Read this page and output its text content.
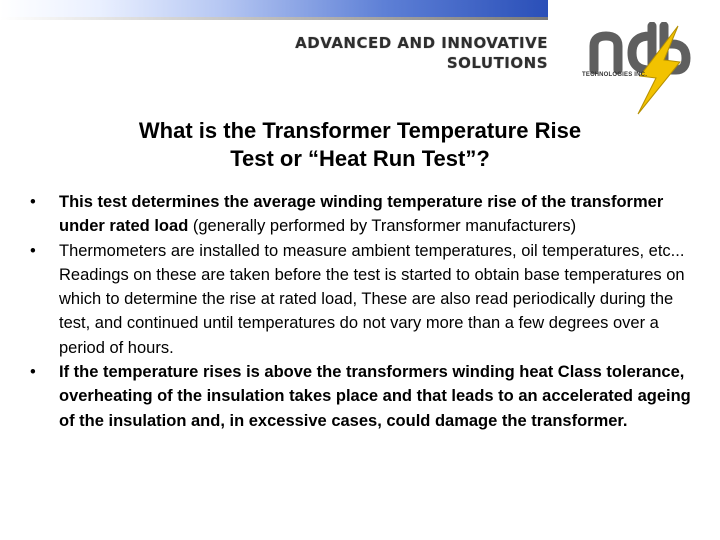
ADVANCED AND INNOVATIVE
SOLUTIONS
TECHNOLOGIES INC.
What is the Transformer Temperature Rise
Test or “Heat Run Test”?
• This test determines the average winding temperature rise of the transformer under rated load (generally performed by Transformer manufacturers)
• Thermometers are installed to measure ambient temperatures, oil temperatures, etc... Readings on these are taken before the test is started to obtain base temperatures on which to determine the rise at rated load, These are also read periodically during the test, and continued until temperatures do not vary more than a few degrees over a period of hours.
• If the temperature rises is above the transformers winding heat Class tolerance, overheating of the insulation takes place and that leads to an accelerated ageing of the insulation and, in excessive cases, could damage the transformer.
